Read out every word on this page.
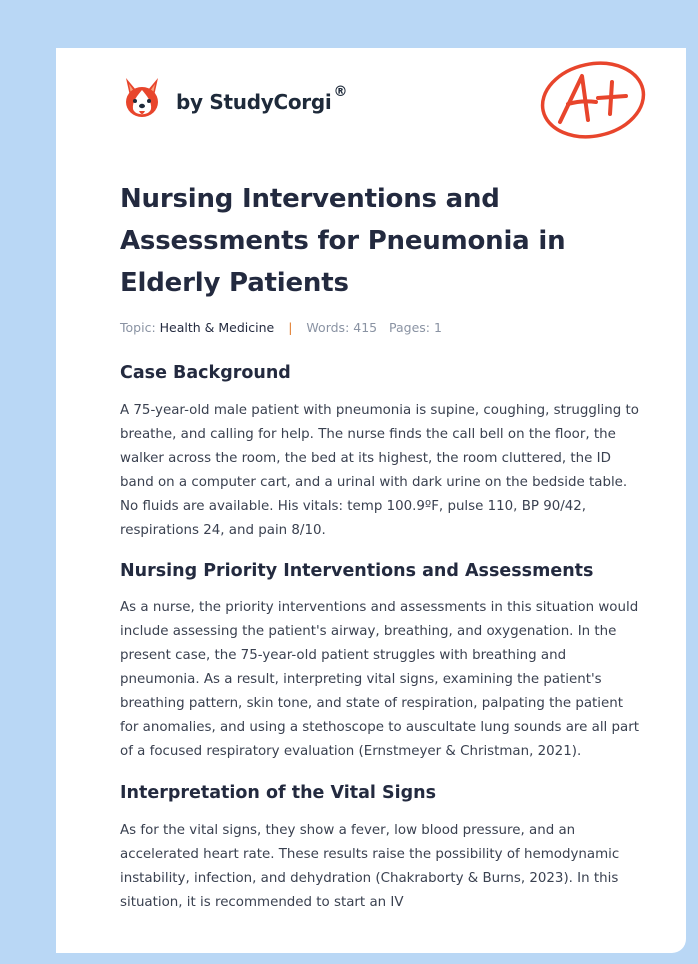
by StudyCorgi ®
Nursing Interventions and Assessments for Pneumonia in Elderly Patients
Topic: Health & Medicine | Words: 415 Pages: 1
Case Background

A 75-year-old male patient with pneumonia is supine, coughing, struggling to breathe, and calling for help. The nurse finds the call bell on the floor, the walker across the room, the bed at its highest, the room cluttered, the ID band on a computer cart, and a urinal with dark urine on the bedside table. No fluids are available. His vitals: temp 100.9ºF, pulse 110, BP 90/42, respirations 24, and pain 8/10.

Nursing Priority Interventions and Assessments

As a nurse, the priority interventions and assessments in this situation would include assessing the patient's airway, breathing, and oxygenation. In the present case, the 75-year-old patient struggles with breathing and pneumonia. As a result, interpreting vital signs, examining the patient's breathing pattern, skin tone, and state of respiration, palpating the patient for anomalies, and using a stethoscope to auscultate lung sounds are all part of a focused respiratory evaluation (Ernstmeyer & Christman, 2021).

Interpretation of the Vital Signs

As for the vital signs, they show a fever, low blood pressure, and an accelerated heart rate. These results raise the possibility of hemodynamic instability, infection, and dehydration (Chakraborty & Burns, 2023). In this situation, it is recommended to start an IV
